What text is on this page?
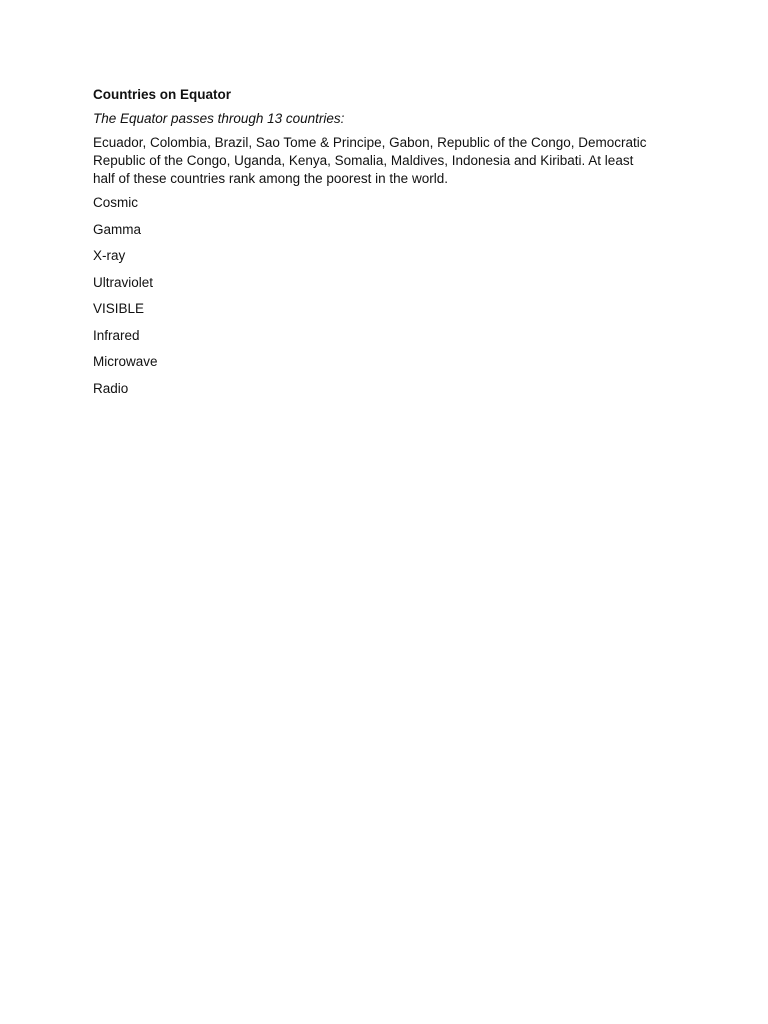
Countries on Equator
The Equator passes through 13 countries:
Ecuador, Colombia, Brazil, Sao Tome & Principe, Gabon, Republic of the Congo, Democratic Republic of the Congo, Uganda, Kenya, Somalia, Maldives, Indonesia and Kiribati. At least half of these countries rank among the poorest in the world.
Cosmic
Gamma
X-ray
Ultraviolet
VISIBLE
Infrared
Microwave
Radio
